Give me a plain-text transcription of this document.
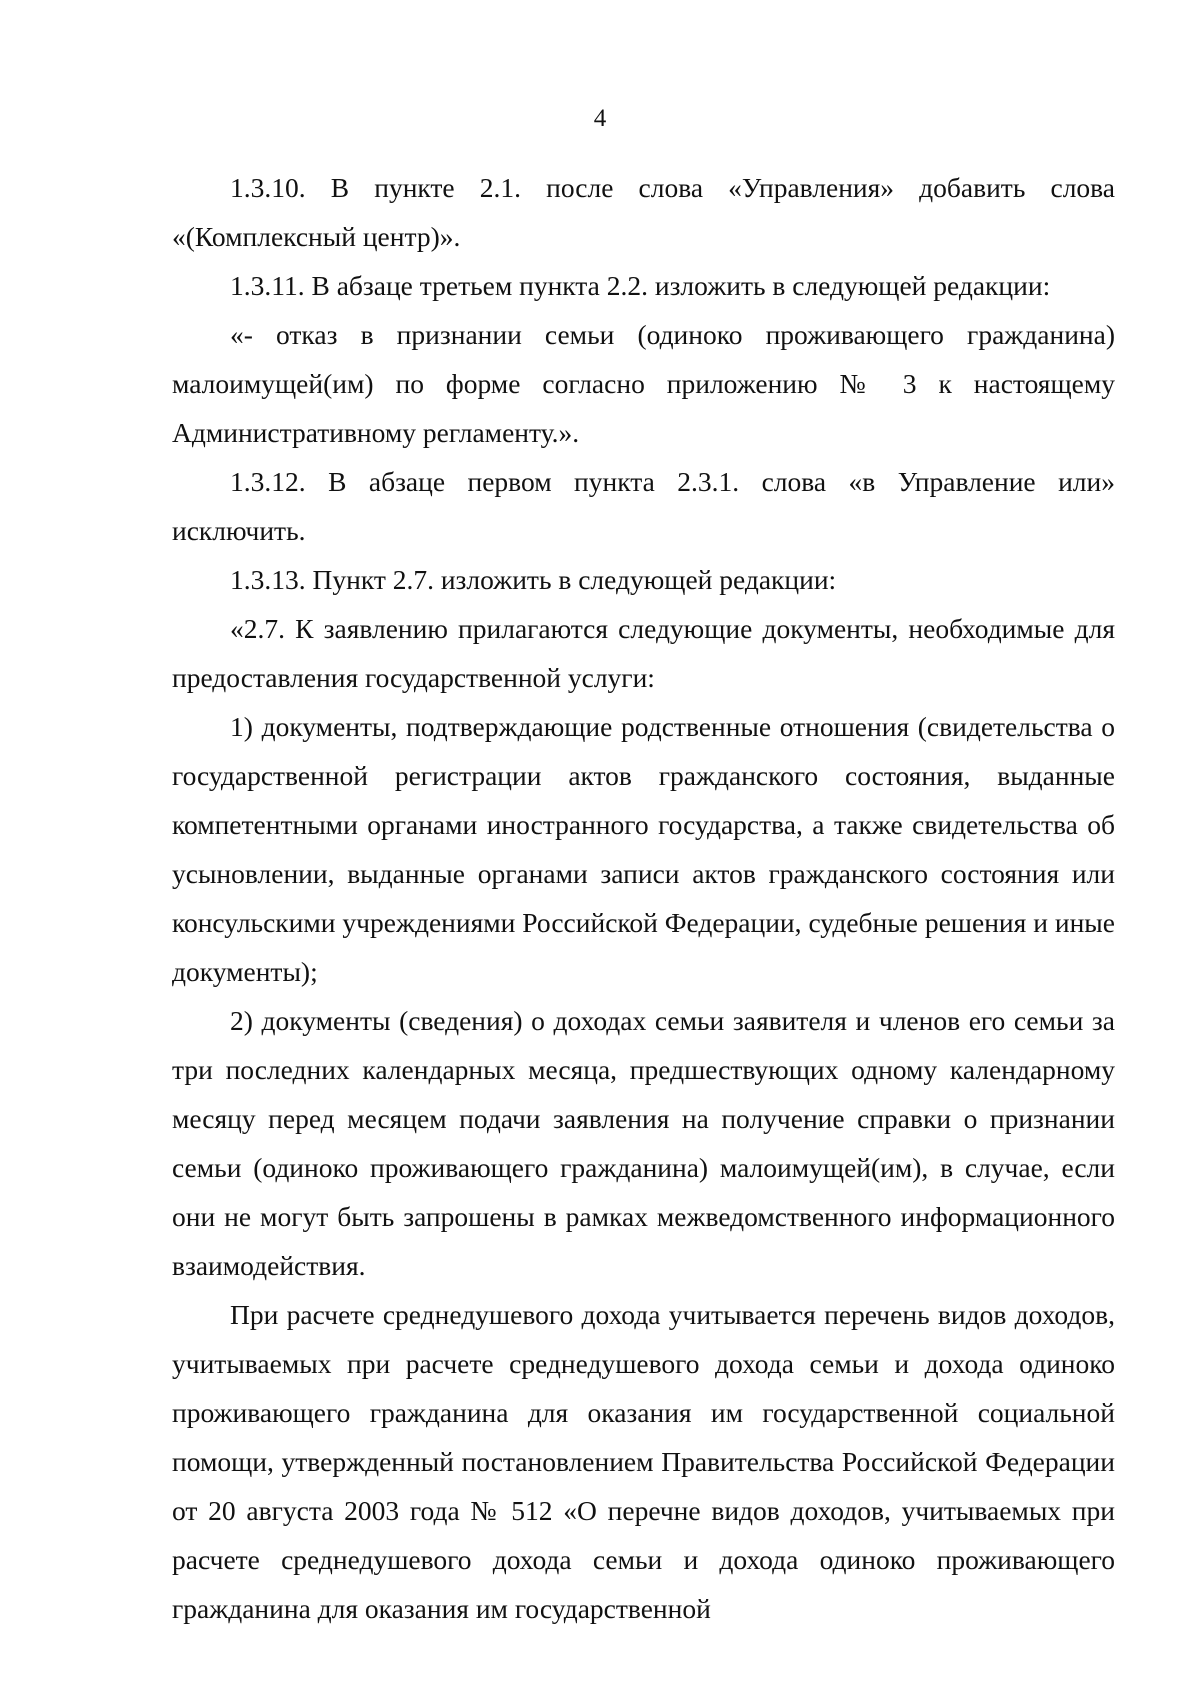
4

1.3.10. В пункте 2.1. после слова «Управления» добавить слова «(Комплексный центр)».

1.3.11. В абзаце третьем пункта 2.2. изложить в следующей редакции:

«- отказ в признании семьи (одиноко проживающего гражданина) малоимущей(им) по форме согласно приложению № 3 к настоящему Административному регламенту.».

1.3.12. В абзаце первом пункта 2.3.1. слова «в Управление или» исключить.

1.3.13. Пункт 2.7. изложить в следующей редакции:

«2.7. К заявлению прилагаются следующие документы, необходимые для предоставления государственной услуги:

1) документы, подтверждающие родственные отношения (свидетельства о государственной регистрации актов гражданского состояния, выданные компетентными органами иностранного государства, а также свидетельства об усыновлении, выданные органами записи актов гражданского состояния или консульскими учреждениями Российской Федерации, судебные решения и иные документы);

2) документы (сведения) о доходах семьи заявителя и членов его семьи за три последних календарных месяца, предшествующих одному календарному месяцу перед месяцем подачи заявления на получение справки о признании семьи (одиноко проживающего гражданина) малоимущей(им), в случае, если они не могут быть запрошены в рамках межведомственного информационного взаимодействия.

При расчете среднедушевого дохода учитывается перечень видов доходов, учитываемых при расчете среднедушевого дохода семьи и дохода одиноко проживающего гражданина для оказания им государственной социальной помощи, утвержденный постановлением Правительства Российской Федерации от 20 августа 2003 года № 512 «О перечне видов доходов, учитываемых при расчете среднедушевого дохода семьи и дохода одиноко проживающего гражданина для оказания им государственной
